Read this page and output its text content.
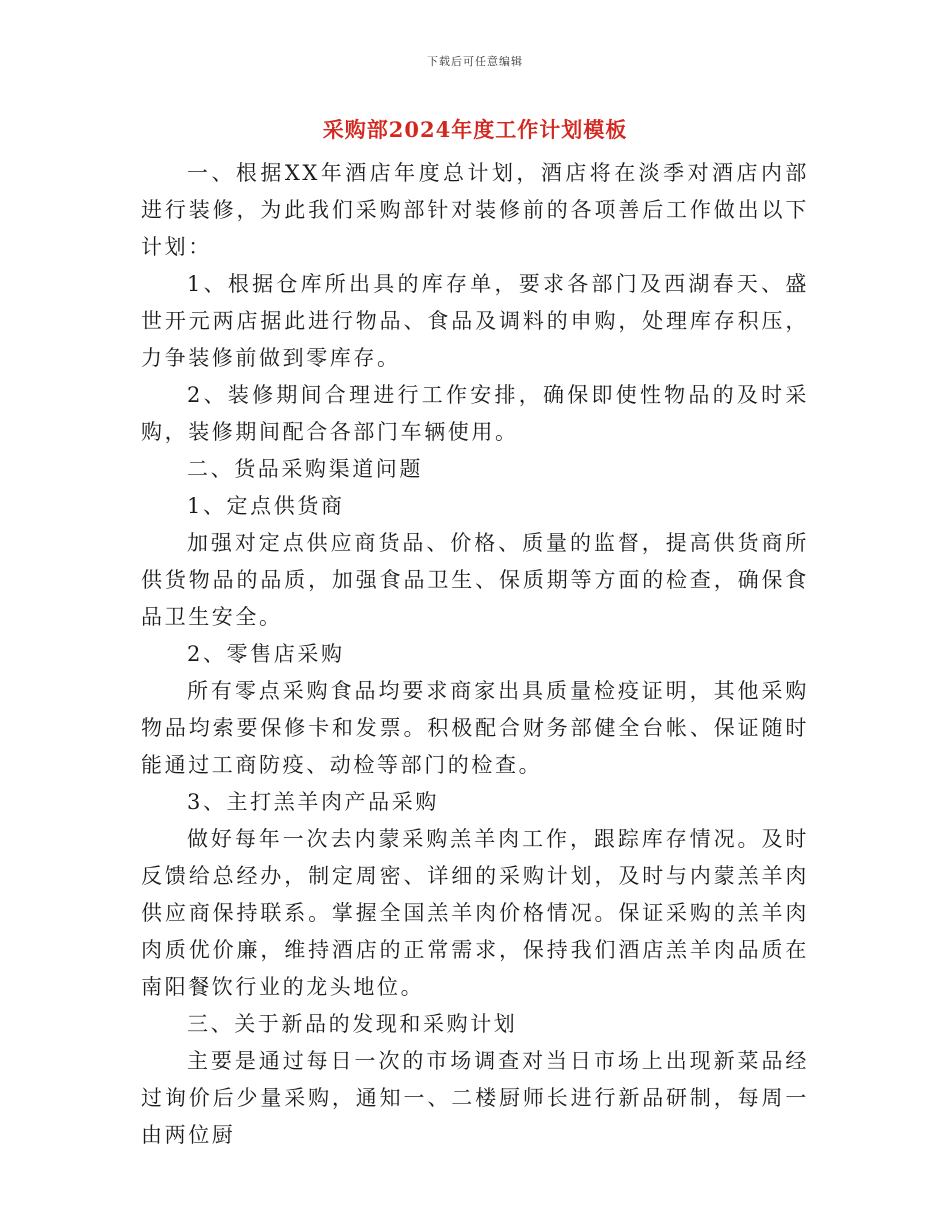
下载后可任意编辑
采购部2024年度工作计划模板

一、根据XX年酒店年度总计划，酒店将在淡季对酒店内部进行装修，为此我们采购部针对装修前的各项善后工作做出以下计划：

1、根据仓库所出具的库存单，要求各部门及西湖春天、盛世开元两店据此进行物品、食品及调料的申购，处理库存积压，力争装修前做到零库存。

2、装修期间合理进行工作安排，确保即使性物品的及时采购，装修期间配合各部门车辆使用。

二、货品采购渠道问题

1、定点供货商

加强对定点供应商货品、价格、质量的监督，提高供货商所供货物品的品质，加强食品卫生、保质期等方面的检查，确保食品卫生安全。

2、零售店采购

所有零点采购食品均要求商家出具质量检疫证明，其他采购物品均索要保修卡和发票。积极配合财务部健全台帐、保证随时能通过工商防疫、动检等部门的检查。

3、主打羔羊肉产品采购

做好每年一次去内蒙采购羔羊肉工作，跟踪库存情况。及时反馈给总经办，制定周密、详细的采购计划，及时与内蒙羔羊肉供应商保持联系。掌握全国羔羊肉价格情况。保证采购的羔羊肉肉质优价廉，维持酒店的正常需求，保持我们酒店羔羊肉品质在南阳餐饮行业的龙头地位。

三、关于新品的发现和采购计划

主要是通过每日一次的市场调查对当日市场上出现新菜品经过询价后少量采购，通知一、二楼厨师长进行新品研制，每周一由两位厨
